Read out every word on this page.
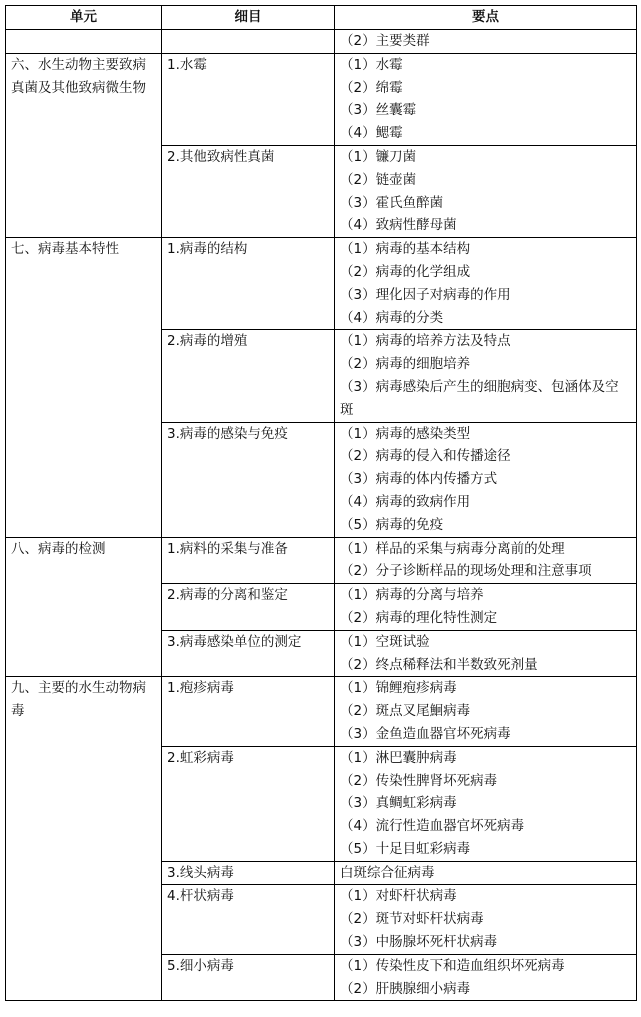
单元	细目	要点

		（2）主要类群

六、水生动物主要致病真菌及其他致病微生物	1.水霉	（1）水霉
（2）绵霉
（3）丝囊霉
（4）鳃霉

	2.其他致病性真菌	（1）镰刀菌
（2）链壶菌
（3）霍氏鱼醉菌
（4）致病性酵母菌

七、病毒基本特性	1.病毒的结构	（1）病毒的基本结构
（2）病毒的化学组成
（3）理化因子对病毒的作用
（4）病毒的分类

	2.病毒的增殖	（1）病毒的培养方法及特点
（2）病毒的细胞培养
（3）病毒感染后产生的细胞病变、包涵体及空斑

	3.病毒的感染与免疫	（1）病毒的感染类型
（2）病毒的侵入和传播途径
（3）病毒的体内传播方式
（4）病毒的致病作用
（5）病毒的免疫

八、病毒的检测	1.病料的采集与准备	（1）样品的采集与病毒分离前的处理
（2）分子诊断样品的现场处理和注意事项

	2.病毒的分离和鉴定	（1）病毒的分离与培养
（2）病毒的理化特性测定

	3.病毒感染单位的测定	（1）空斑试验
（2）终点稀释法和半数致死剂量

九、主要的水生动物病毒	1.疱疹病毒	（1）锦鲤疱疹病毒
（2）斑点叉尾鮰病毒
（3）金鱼造血器官坏死病毒

	2.虹彩病毒	（1）淋巴囊肿病毒
（2）传染性脾肾坏死病毒
（3）真鲷虹彩病毒
（4）流行性造血器官坏死病毒
（5）十足目虹彩病毒

	3.线头病毒	白斑综合征病毒

	4.杆状病毒	（1）对虾杆状病毒
（2）斑节对虾杆状病毒
（3）中肠腺坏死杆状病毒

	5.细小病毒	（1）传染性皮下和造血组织坏死病毒
（2）肝胰腺细小病毒
